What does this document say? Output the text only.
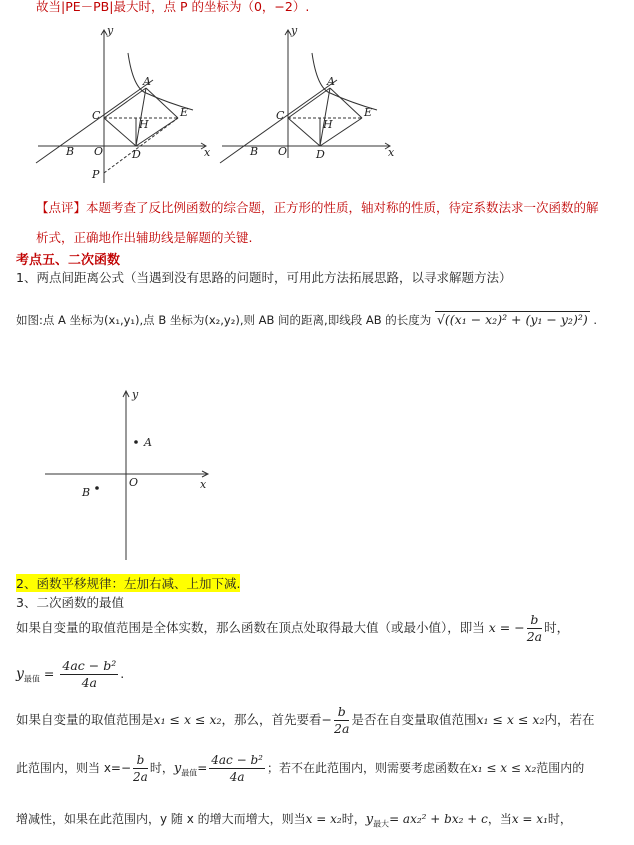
故当|PE－PB|最大时，点 P 的坐标为（0，−2）.
y
x
A
B
C
D
E
H
O
P
y
x
A
B
C
D
E
H
O
【点评】本题考查了反比例函数的综合题，正方形的性质，轴对称的性质，待定系数法求一次函数的解
析式，正确地作出辅助线是解题的关键.
考点五、二次函数
1、两点间距离公式（当遇到没有思路的问题时，可用此方法拓展思路，以寻求解题方法）
如图:点 A 坐标为(x₁,y₁),点 B 坐标为(x₂,y₂),则 AB 间的距离,即线段 AB 的长度为 √((x₁ − x₂)² + (y₁ − y₂)²) .
y
x
A
B
O
2、函数平移规律：左加右减、上加下减.
3、二次函数的最值
如果自变量的取值范围是全体实数，那么函数在顶点处取得最大值（或最小值），即当 x = − $\frac{b}{2a}$ 时，
$y_{最值} = \frac{\text{4ac − b²}}{4a}$ .
如果自变量的取值范围是x₁ ≤ x ≤ x₂，那么，首先要看− $\frac{b}{2a}$ 是否在自变量取值范围x₁ ≤ x ≤ x₂内，若在
此范围内，则当 $x=- \frac{b}{2a}$ 时，$y_{最值}= \frac{\text{4ac − b²}}{4a}$ ；若不在此范围内，则需要考虑函数在x₁ ≤ x ≤ x₂范围内的
增减性，如果在此范围内，y 随 x 的增大而增大，则当x = x₂时，$y_{最大}= ax_2^2 + bx_2 + c$，当x = x₁时，
